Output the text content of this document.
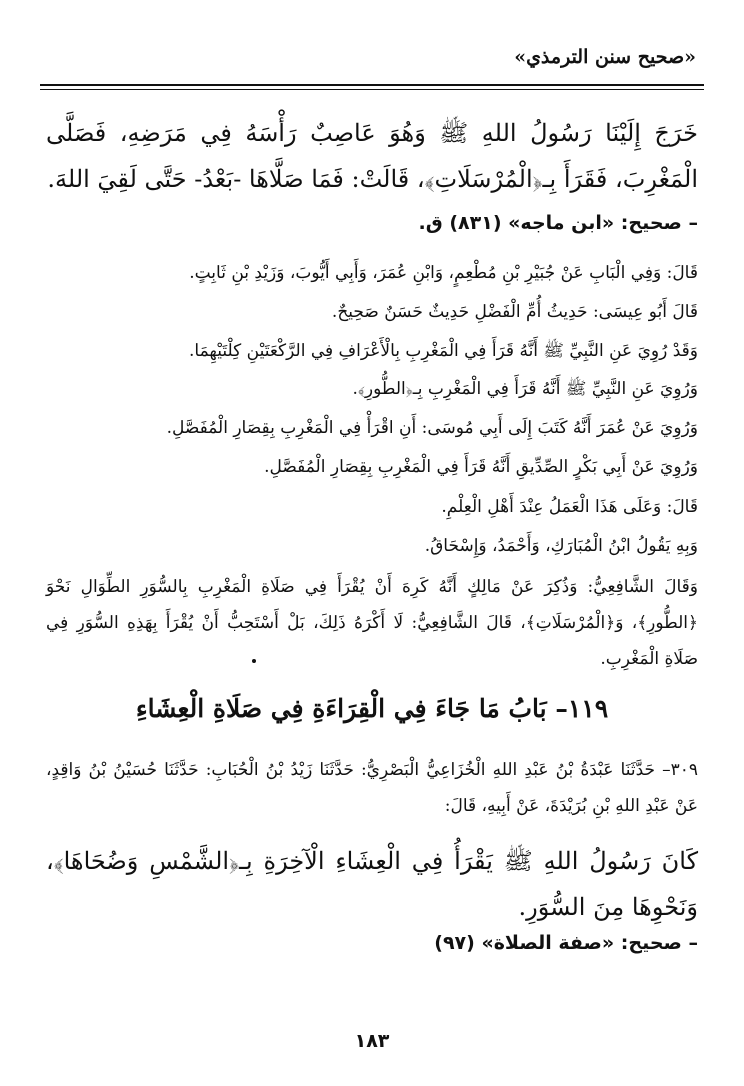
«صحيح سنن الترمذي»
خَرَجَ إِلَيْنَا رَسُولُ اللهِ ﷺ وَهُوَ عَاصِبٌ رَأْسَهُ فِي مَرَضِهِ، فَصَلَّى الْمَغْرِبَ، فَقَرَأَ بِـ﴿الْمُرْسَلَاتِ﴾، قَالَتْ: فَمَا صَلَّاهَا -بَعْدُ- حَتَّى لَقِيَ اللهَ.
– صحيح: «ابن ماجه» (٨٣١) ق.
قَالَ: وَفِي الْبَابِ عَنْ جُبَيْرِ بْنِ مُطْعِمٍ، وَابْنِ عُمَرَ، وَأَبِي أَيُّوبَ، وَزَيْدِ بْنِ ثَابِتٍ.
قَالَ أَبُو عِيسَى: حَدِيثُ أُمِّ الْفَضْلِ حَدِيثٌ حَسَنٌ صَحِيحٌ.
وَقَدْ رُوِيَ عَنِ النَّبِيِّ ﷺ أَنَّهُ قَرَأَ فِي الْمَغْرِبِ بِالْأَعْرَافِ فِي الرَّكْعَتَيْنِ كِلْتَيْهِمَا.
وَرُوِيَ عَنِ النَّبِيِّ ﷺ أَنَّهُ قَرَأَ فِي الْمَغْرِبِ بِـ﴿الطُّورِ﴾.
وَرُوِيَ عَنْ عُمَرَ أَنَّهُ كَتَبَ إِلَى أَبِي مُوسَى: أَنِ اقْرَأْ فِي الْمَغْرِبِ بِقِصَارِ الْمُفَصَّلِ.
وَرُوِيَ عَنْ أَبِي بَكْرٍ الصِّدِّيقِ أَنَّهُ قَرَأَ فِي الْمَغْرِبِ بِقِصَارِ الْمُفَصَّلِ.
قَالَ: وَعَلَى هَذَا الْعَمَلُ عِنْدَ أَهْلِ الْعِلْمِ.
وَبِهِ يَقُولُ ابْنُ الْمُبَارَكِ، وَأَحْمَدُ، وَإِسْحَاقُ.
وَقَالَ الشَّافِعِيُّ: وَذُكِرَ عَنْ مَالِكٍ أَنَّهُ كَرِهَ أَنْ يُقْرَأَ فِي صَلَاةِ الْمَغْرِبِ بِالسُّوَرِ الطِّوَالِ نَحْوَ ﴿الطُّورِ﴾، وَ﴿الْمُرْسَلَاتِ﴾، قَالَ الشَّافِعِيُّ: لَا أَكْرَهُ ذَلِكَ، بَلْ أَسْتَحِبُّ أَنْ يُقْرَأَ بِهَذِهِ السُّوَرِ فِي صَلَاةِ الْمَغْرِبِ.
١١٩– بَابُ مَا جَاءَ فِي الْقِرَاءَةِ فِي صَلَاةِ الْعِشَاءِ
٣٠٩– حَدَّثَنَا عَبْدَةُ بْنُ عَبْدِ اللهِ الْخُزَاعِيُّ الْبَصْرِيُّ: حَدَّثَنَا زَيْدُ بْنُ الْحُبَابِ: حَدَّثَنَا حُسَيْنُ بْنُ وَاقِدٍ، عَنْ عَبْدِ اللهِ بْنِ بُرَيْدَةَ، عَنْ أَبِيهِ، قَالَ:
كَانَ رَسُولُ اللهِ ﷺ يَقْرَأُ فِي الْعِشَاءِ الْآخِرَةِ بِـ﴿الشَّمْسِ وَضُحَاهَا﴾، وَنَحْوِهَا مِنَ السُّوَرِ.
– صحيح: «صفة الصلاة» (٩٧)
١٨٣
